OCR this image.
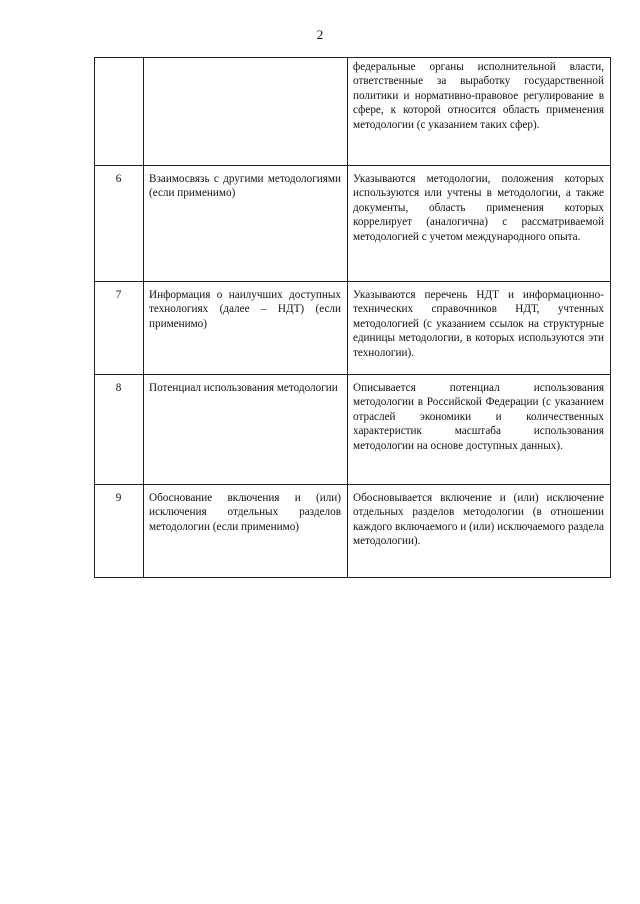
2
		федеральные органы исполнительной власти, ответственные за выработку государственной политики и нормативно-правовое регулирование в сфере, к которой относится область применения методологии (с указанием таких сфер).
6	Взаимосвязь с другими методологиями (если применимо)	Указываются методологии, положения которых используются или учтены в методологии, а также документы, область применения которых коррелирует (аналогична) с рассматриваемой методологией с учетом международного опыта.
7	Информация о наилучших доступных технологиях (далее – НДТ) (если применимо)	Указываются перечень НДТ и информационно-технических справочников НДТ, учтенных методологией (с указанием ссылок на структурные единицы методологии, в которых используются эти технологии).
8	Потенциал использования методологии	Описывается потенциал использования методологии в Российской Федерации (с указанием отраслей экономики и количественных характеристик масштаба использования методологии на основе доступных данных).
9	Обоснование включения и (или) исключения отдельных разделов методологии (если применимо)	Обосновывается включение и (или) исключение отдельных разделов методологии (в отношении каждого включаемого и (или) исключаемого раздела методологии).
